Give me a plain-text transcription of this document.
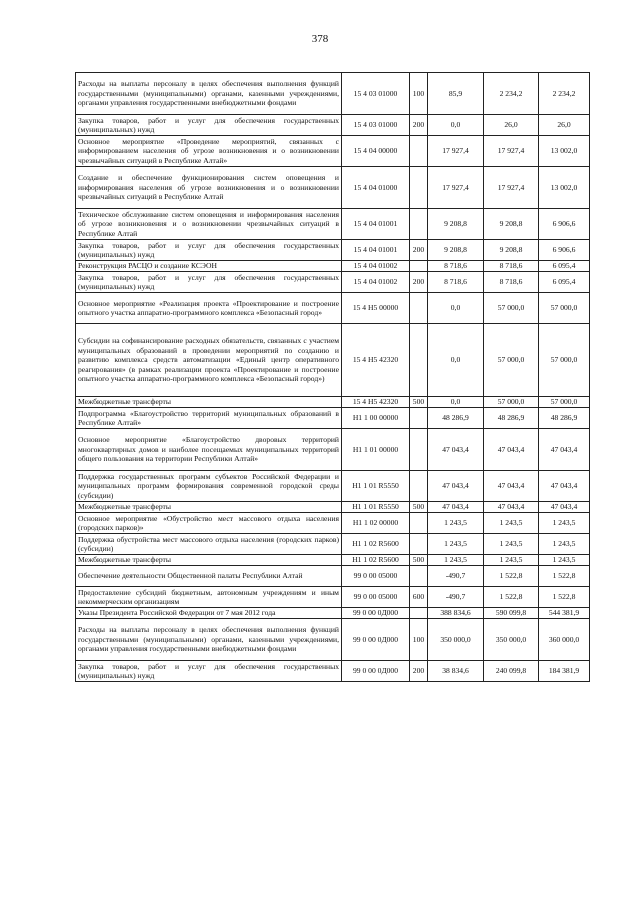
378
Расходы на выплаты персоналу в целях обеспечения выполнения функций государственными (муниципальными) органами, казенными учреждениями, органами управления государственными внебюджетными фондами	15 4 03 01000	100	85,9	2 234,2	2 234,2
Закупка товаров, работ и услуг для обеспечения государственных (муниципальных) нужд	15 4 03 01000	200	0,0	26,0	26,0
Основное мероприятие «Проведение мероприятий, связанных с информированием населения об угрозе возникновения и о возникновении чрезвычайных ситуаций в Республике Алтай»	15 4 04 00000		17 927,4	17 927,4	13 002,0
Создание и обеспечение функционирования систем оповещения и информирования населения об угрозе возникновения и о возникновении чрезвычайных ситуаций в Республике Алтай	15 4 04 01000		17 927,4	17 927,4	13 002,0
Техническое обслуживание систем оповещения и информирования населения об угрозе возникновения и о возникновении чрезвычайных ситуаций в Республике Алтай	15 4 04 01001		9 208,8	9 208,8	6 906,6
Закупка товаров, работ и услуг для обеспечения государственных (муниципальных) нужд	15 4 04 01001	200	9 208,8	9 208,8	6 906,6
Реконструкция РАСЦО и создание КСЭОН	15 4 04 01002		8 718,6	8 718,6	6 095,4
Закупка товаров, работ и услуг для обеспечения государственных (муниципальных) нужд	15 4 04 01002	200	8 718,6	8 718,6	6 095,4
Основное мероприятие «Реализация проекта «Проектирование и построение опытного участка аппаратно-программного комплекса «Безопасный город»	15 4 Н5 00000		0,0	57 000,0	57 000,0
Субсидии на софинансирование расходных обязательств, связанных с участием муниципальных образований в проведении мероприятий по созданию и развитию комплекса средств автоматизации «Единый центр оперативного реагирования» (в рамках реализации проекта «Проектирование и построение опытного участка аппаратно-программного комплекса «Безопасный город»)	15 4 Н5 42320		0,0	57 000,0	57 000,0
Межбюджетные трансферты	15 4 Н5 42320	500	0,0	57 000,0	57 000,0
Подпрограмма «Благоустройство территорий муниципальных образований в Республике Алтай»	Н1 1 00 00000		48 286,9	48 286,9	48 286,9
Основное мероприятие «Благоустройство дворовых территорий многоквартирных домов и наиболее посещаемых муниципальных территорий общего пользования на территории Республики Алтай»	Н1 1 01 00000		47 043,4	47 043,4	47 043,4
Поддержка государственных программ субъектов Российской Федерации и муниципальных программ формирования современной городской среды (субсидии)	Н1 1 01 R5550		47 043,4	47 043,4	47 043,4
Межбюджетные трансферты	Н1 1 01 R5550	500	47 043,4	47 043,4	47 043,4
Основное мероприятие «Обустройство мест массового отдыха населения (городских парков)»	Н1 1 02 00000		1 243,5	1 243,5	1 243,5
Поддержка обустройства мест массового отдыха населения (городских парков) (субсидии)	Н1 1 02 R5600		1 243,5	1 243,5	1 243,5
Межбюджетные трансферты	Н1 1 02 R5600	500	1 243,5	1 243,5	1 243,5
Обеспечение деятельности Общественной палаты Республики Алтай	99 0 00 05000		-490,7	1 522,8	1 522,8
Предоставление субсидий бюджетным, автономным учреждениям и иным некоммерческим организациям	99 0 00 05000	600	-490,7	1 522,8	1 522,8
Указы Президента Российской Федерации от 7 мая 2012 года	99 0 00 0Д000		388 834,6	590 099,8	544 381,9
Расходы на выплаты персоналу в целях обеспечения выполнения функций государственными (муниципальными) органами, казенными учреждениями, органами управления государственными внебюджетными фондами	99 0 00 0Д000	100	350 000,0	350 000,0	360 000,0
Закупка товаров, работ и услуг для обеспечения государственных (муниципальных) нужд	99 0 00 0Д000	200	38 834,6	240 099,8	184 381,9
